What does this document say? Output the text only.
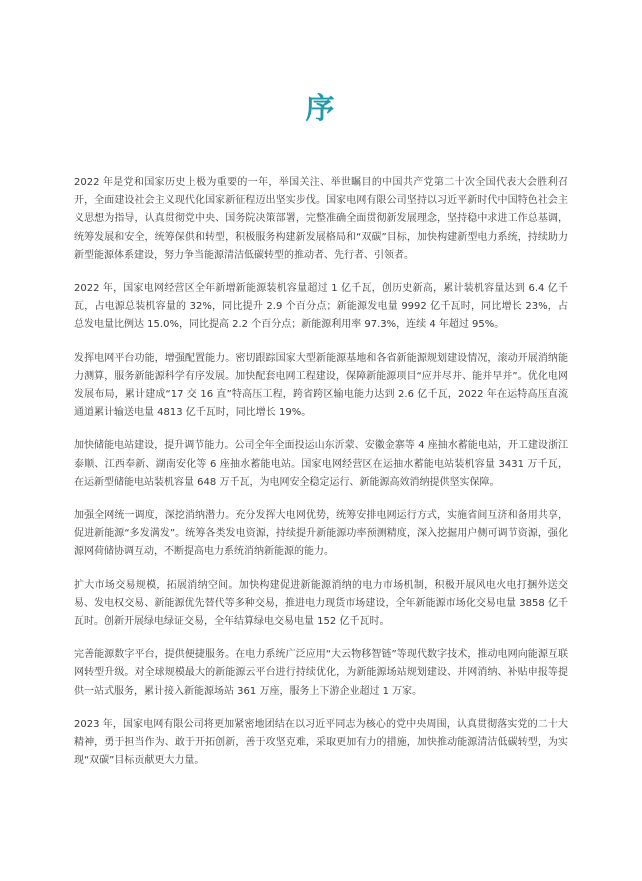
序

2022 年是党和国家历史上极为重要的一年，举国关注、举世瞩目的中国共产党第二十次全国代表大会胜利召开，全面建设社会主义现代化国家新征程迈出坚实步伐。国家电网有限公司坚持以习近平新时代中国特色社会主义思想为指导，认真贯彻党中央、国务院决策部署，完整准确全面贯彻新发展理念，坚持稳中求进工作总基调，统筹发展和安全，统筹保供和转型，积极服务构建新发展格局和“双碳”目标，加快构建新型电力系统，持续助力新型能源体系建设，努力争当能源清洁低碳转型的推动者、先行者、引领者。

2022 年，国家电网经营区全年新增新能源装机容量超过 1 亿千瓦，创历史新高，累计装机容量达到 6.4 亿千瓦，占电源总装机容量的 32%，同比提升 2.9 个百分点；新能源发电量 9992 亿千瓦时，同比增长 23%，占总发电量比例达 15.0%，同比提高 2.2 个百分点；新能源利用率 97.3%，连续 4 年超过 95%。

发挥电网平台功能，增强配置能力。密切跟踪国家大型新能源基地和各省新能源规划建设情况，滚动开展消纳能力测算，服务新能源科学有序发展。加快配套电网工程建设，保障新能源项目“应并尽并、能并早并”。优化电网发展布局，累计建成“17 交 16 直”特高压工程，跨省跨区输电能力达到 2.6 亿千瓦，2022 年在运特高压直流通道累计输送电量 4813 亿千瓦时，同比增长 19%。

加快储能电站建设，提升调节能力。公司全年全面投运山东沂蒙、安徽金寨等 4 座抽水蓄能电站，开工建设浙江泰顺、江西奉新、湖南安化等 6 座抽水蓄能电站。国家电网经营区在运抽水蓄能电站装机容量 3431 万千瓦，在运新型储能电站装机容量 648 万千瓦，为电网安全稳定运行、新能源高效消纳提供坚实保障。

加强全网统一调度，深挖消纳潜力。充分发挥大电网优势，统筹安排电网运行方式，实施省间互济和备用共享，促进新能源“多发满发”。统筹各类发电资源，持续提升新能源功率预测精度，深入挖掘用户侧可调节资源，强化源网荷储协调互动，不断提高电力系统消纳新能源的能力。

扩大市场交易规模，拓展消纳空间。加快构建促进新能源消纳的电力市场机制，积极开展风电火电打捆外送交易、发电权交易、新能源优先替代等多种交易，推进电力现货市场建设，全年新能源市场化交易电量 3858 亿千瓦时。创新开展绿电绿证交易，全年结算绿电交易电量 152 亿千瓦时。

完善能源数字平台，提供便捷服务。在电力系统广泛应用“大云物移智链”等现代数字技术，推动电网向能源互联网转型升级。对全球规模最大的新能源云平台进行持续优化，为新能源场站规划建设、并网消纳、补贴申报等提供一站式服务，累计接入新能源场站 361 万座，服务上下游企业超过 1 万家。

2023 年，国家电网有限公司将更加紧密地团结在以习近平同志为核心的党中央周围，认真贯彻落实党的二十大精神，勇于担当作为、敢于开拓创新，善于攻坚克难，采取更加有力的措施，加快推动能源清洁低碳转型，为实现“双碳”目标贡献更大力量。
